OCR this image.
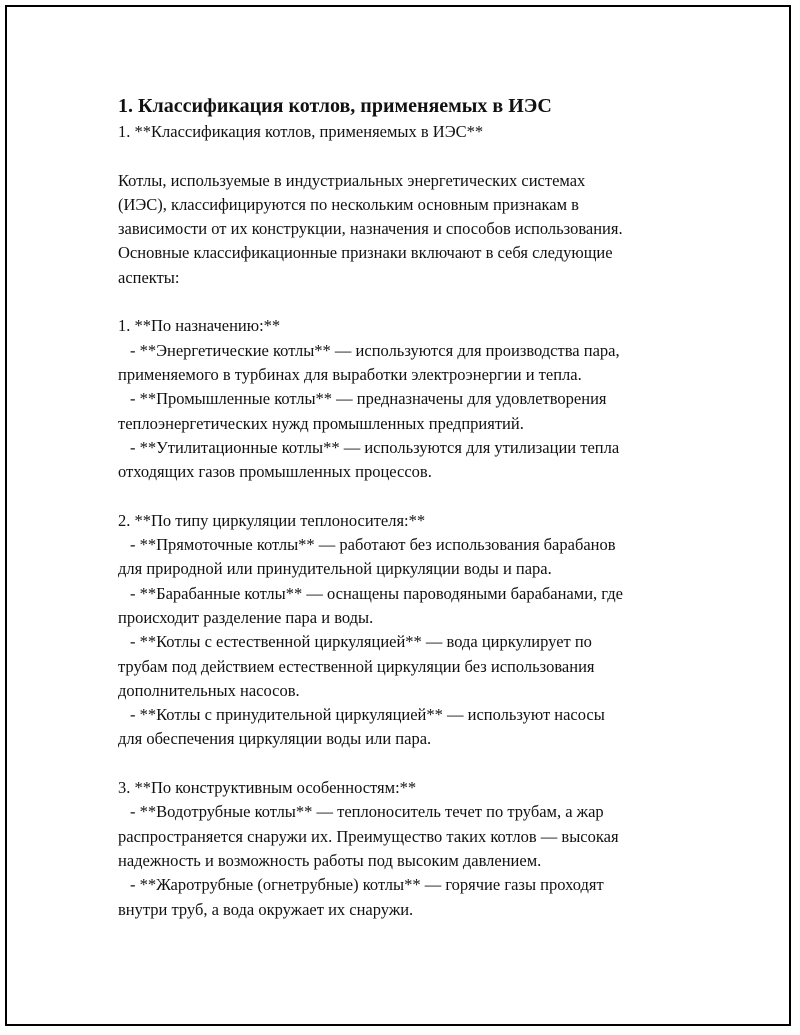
1. Классификация котлов, применяемых в ИЭС

1. **Классификация котлов, применяемых в ИЭС**

Котлы, используемые в индустриальных энергетических системах
(ИЭС), классифицируются по нескольким основным признакам в
зависимости от их конструкции, назначения и способов использования.
Основные классификационные признаки включают в себя следующие
аспекты:
1. **По назначению:**
- **Энергетические котлы** — используются для производства пара,
применяемого в турбинах для выработки электроэнергии и тепла.
- **Промышленные котлы** — предназначены для удовлетворения
теплоэнергетических нужд промышленных предприятий.
- **Утилитационные котлы** — используются для утилизации тепла
отходящих газов промышленных процессов.
2. **По типу циркуляции теплоносителя:**
- **Прямоточные котлы** — работают без использования барабанов
для природной или принудительной циркуляции воды и пара.
- **Барабанные котлы** — оснащены пароводяными барабанами, где
происходит разделение пара и воды.
- **Котлы с естественной циркуляцией** — вода циркулирует по
трубам под действием естественной циркуляции без использования
дополнительных насосов.
- **Котлы с принудительной циркуляцией** — используют насосы
для обеспечения циркуляции воды или пара.
3. **По конструктивным особенностям:**
- **Водотрубные котлы** — теплоноситель течет по трубам, а жар
распространяется снаружи их. Преимущество таких котлов — высокая
надежность и возможность работы под высоким давлением.
- **Жаротрубные (огнетрубные) котлы** — горячие газы проходят
внутри труб, а вода окружает их снаружи.
